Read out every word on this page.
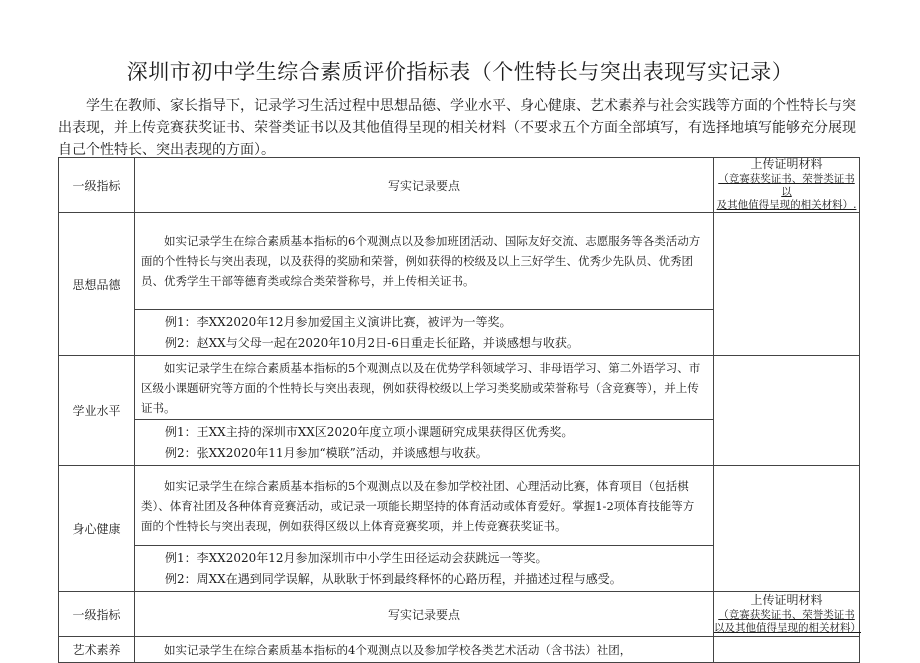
深圳市初中学生综合素质评价指标表（个性特长与突出表现写实记录）
学生在教师、家长指导下，记录学习生活过程中思想品德、学业水平、身心健康、艺术素养与社会实践等方面的个性特长与突出表现，并上传竞赛获奖证书、荣誉类证书以及其他值得呈现的相关材料（不要求五个方面全部填写，有选择地填写能够充分展现自己个性特长、突出表现的方面）。
一级指标	写实记录要点	上传证明材料
（竞赛获奖证书、荣誉类证书以
及其他值得呈现的相关材料）.

思想品德	如实记录学生在综合素质基本指标的6个观测点以及参加班团活动、国际友好交流、志愿服务等各类活动方面的个性特长与突出表现，以及获得的奖励和荣誉，例如获得的校级及以上三好学生、优秀少先队员、优秀团员、优秀学生干部等德育类或综合类荣誉称号，并上传相关证书。	

	例1：李XX2020年12月参加爱国主义演讲比赛，被评为一等奖。

例2：赵XX与父母一起在2020年10月2日-6日重走长征路，并谈感想与收获。	

学业水平	如实记录学生在综合素质基本指标的5个观测点以及在优势学科领域学习、非母语学习、第二外语学习、市区级小课题研究等方面的个性特长与突出表现，例如获得校级以上学习类奖励或荣誉称号（含竞赛等），并上传证书。	

	例1：王XX主持的深圳市XX区2020年度立项小课题研究成果获得区优秀奖。

例2：张XX2020年11月参加“模联”活动，并谈感想与收获。	

身心健康	如实记录学生在综合素质基本指标的5个观测点以及在参加学校社团、心理活动比赛，体育项目（包括棋类）、体育社团及各种体育竞赛活动，或记录一项能长期坚持的体育活动或体育爱好。掌握1-2项体育技能等方面的个性特长与突出表现，例如获得区级以上体育竞赛奖项，并上传竞赛获奖证书。	

	例1：李XX2020年12月参加深圳市中小学生田径运动会获跳远一等奖。

例2：周XX在遇到同学误解，从耿耿于怀到最终释怀的心路历程，并描述过程与感受。	

一级指标	写实记录要点	上传证明材料
（竞赛获奖证书、荣誉类证书
以及其他值得呈现的相关材料）

艺术素养	如实记录学生在综合素质基本指标的4个观测点以及参加学校各类艺术活动（含书法）社团，	
